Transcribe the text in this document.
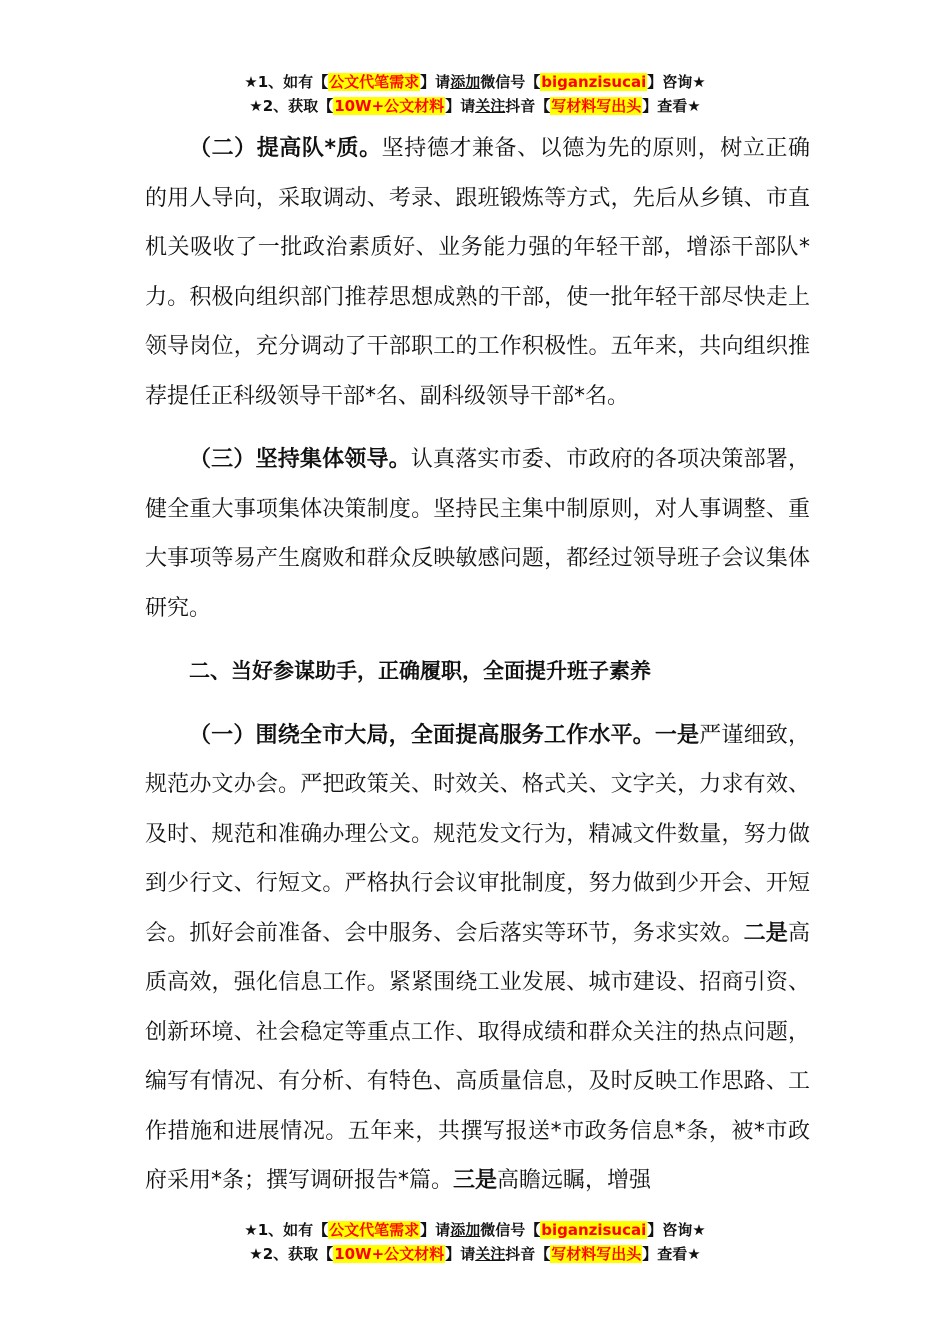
★1、如有【公文代笔需求】请添加微信号【biganzisucai】咨询★
★2、获取【10W+公文材料】请关注抖音【写材料写出头】查看★

（二）提高队*质。坚持德才兼备、以德为先的原则，树立正确的用人导向，采取调动、考录、跟班锻炼等方式，先后从乡镇、市直机关吸收了一批政治素质好、业务能力强的年轻干部，增添干部队*力。积极向组织部门推荐思想成熟的干部，使一批年轻干部尽快走上领导岗位，充分调动了干部职工的工作积极性。五年来，共向组织推荐提任正科级领导干部*名、副科级领导干部*名。

（三）坚持集体领导。认真落实市委、市政府的各项决策部署，健全重大事项集体决策制度。坚持民主集中制原则，对人事调整、重大事项等易产生腐败和群众反映敏感问题，都经过领导班子会议集体研究。

二、当好参谋助手，正确履职，全面提升班子素养

（一）围绕全市大局，全面提高服务工作水平。一是严谨细致，规范办文办会。严把政策关、时效关、格式关、文字关，力求有效、及时、规范和准确办理公文。规范发文行为，精减文件数量，努力做到少行文、行短文。严格执行会议审批制度，努力做到少开会、开短会。抓好会前准备、会中服务、会后落实等环节，务求实效。二是高质高效，强化信息工作。紧紧围绕工业发展、城市建设、招商引资、创新环境、社会稳定等重点工作、取得成绩和群众关注的热点问题，编写有情况、有分析、有特色、高质量信息，及时反映工作思路、工作措施和进展情况。五年来，共撰写报送*市政务信息*条，被*市政府采用*条；撰写调研报告*篇。三是高瞻远瞩，增强

★1、如有【公文代笔需求】请添加微信号【biganzisucai】咨询★
★2、获取【10W+公文材料】请关注抖音【写材料写出头】查看★
